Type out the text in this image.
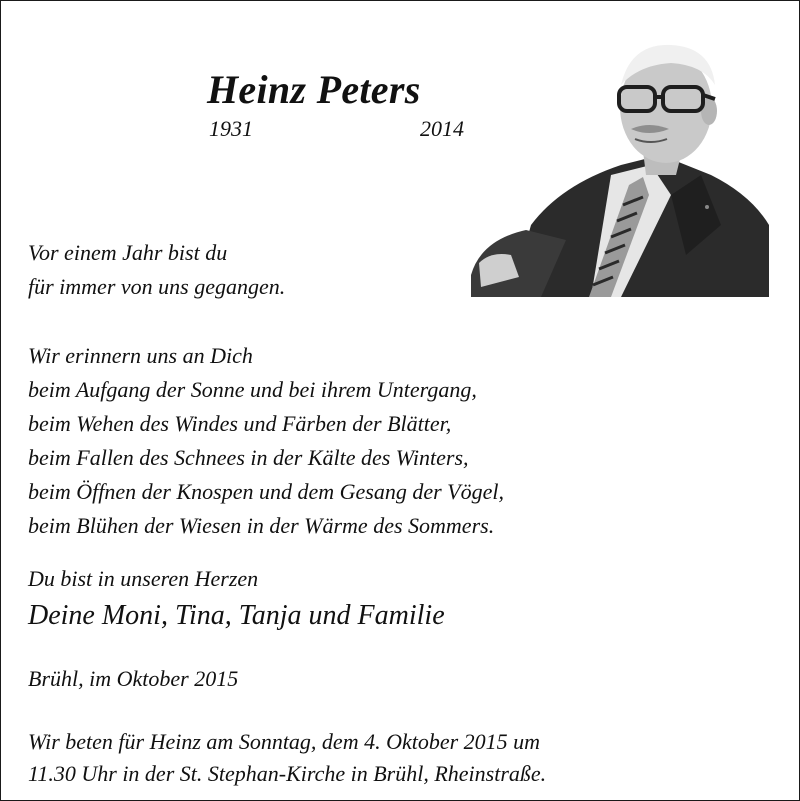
Heinz Peters
1931	2014

Vor einem Jahr bist du

für immer von uns gegangen.

Wir erinnern uns an Dich

beim Aufgang der Sonne und bei ihrem Untergang,

beim Wehen des Windes und Färben der Blätter,

beim Fallen des Schnees in der Kälte des Winters,

beim Öffnen der Knospen und dem Gesang der Vögel,

beim Blühen der Wiesen in der Wärme des Sommers.

Du bist in unseren Herzen

Deine Moni, Tina, Tanja und Familie

Brühl, im Oktober 2015

Wir beten für Heinz am Sonntag, dem 4. Oktober 2015 um

11.30 Uhr in der St. Stephan-Kirche in Brühl, Rheinstraße.
